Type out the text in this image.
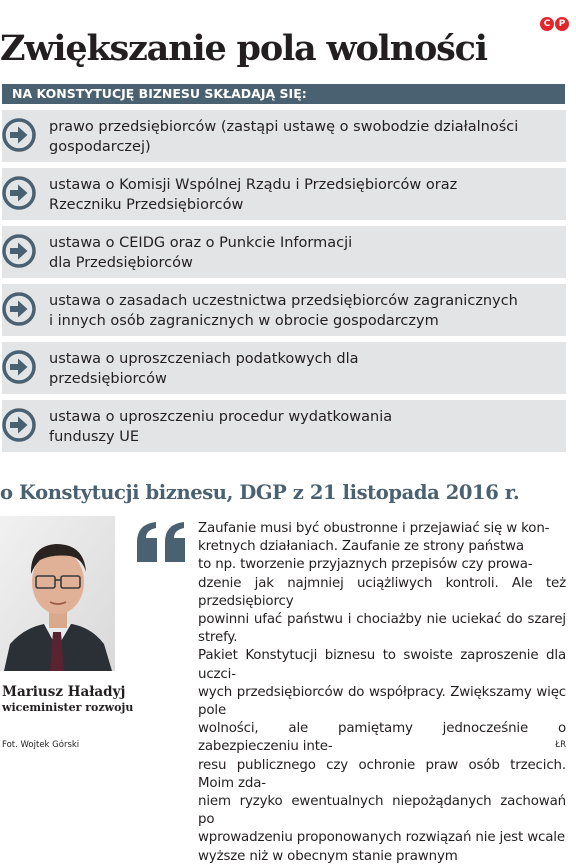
Zwiększanie pola wolności
C P
NA KONSTYTUCJĘ BIZNESU SKŁADAJĄ SIĘ:
prawo przedsiębiorców (zastąpi ustawę o swobodzie działalności
gospodarczej)
ustawa o Komisji Wspólnej Rządu i Przedsiębiorców oraz
Rzeczniku Przedsiębiorców
ustawa o CEIDG oraz o Punkcie Informacji
dla Przedsiębiorców
ustawa o zasadach uczestnictwa przedsiębiorców zagranicznych
i innych osób zagranicznych w obrocie gospodarczym
ustawa o uproszczeniach podatkowych dla
przedsiębiorców
ustawa o uproszczeniu procedur wydatkowania
funduszy UE
o Konstytucji biznesu, DGP z 21 listopada 2016 r.
Mariusz Haładyj
wiceminister rozwoju
Fot. Wojtek Górski

Zaufanie musi być obustronne i przejawiać się w kon-
kretnych działaniach. Zaufanie ze strony państwa
to np. tworzenie przyjaznych przepisów czy prowa-
dzenie jak najmniej uciążliwych kontroli. Ale też przedsiębiorcy
powinni ufać państwu i chociażby nie uciekać do szarej strefy.
Pakiet Konstytucji biznesu to swoiste zaproszenie dla uczci-
wych przedsiębiorców do współpracy. Zwiększamy więc pole
wolności, ale pamiętamy jednocześnie o zabezpieczeniu inte-
resu publicznego czy ochronie praw osób trzecich. Moim zda-
niem ryzyko ewentualnych niepożądanych zachowań po
wprowadzeniu proponowanych rozwiązań nie jest wcale
wyższe niż w obecnym stanie prawnym

ŁR
